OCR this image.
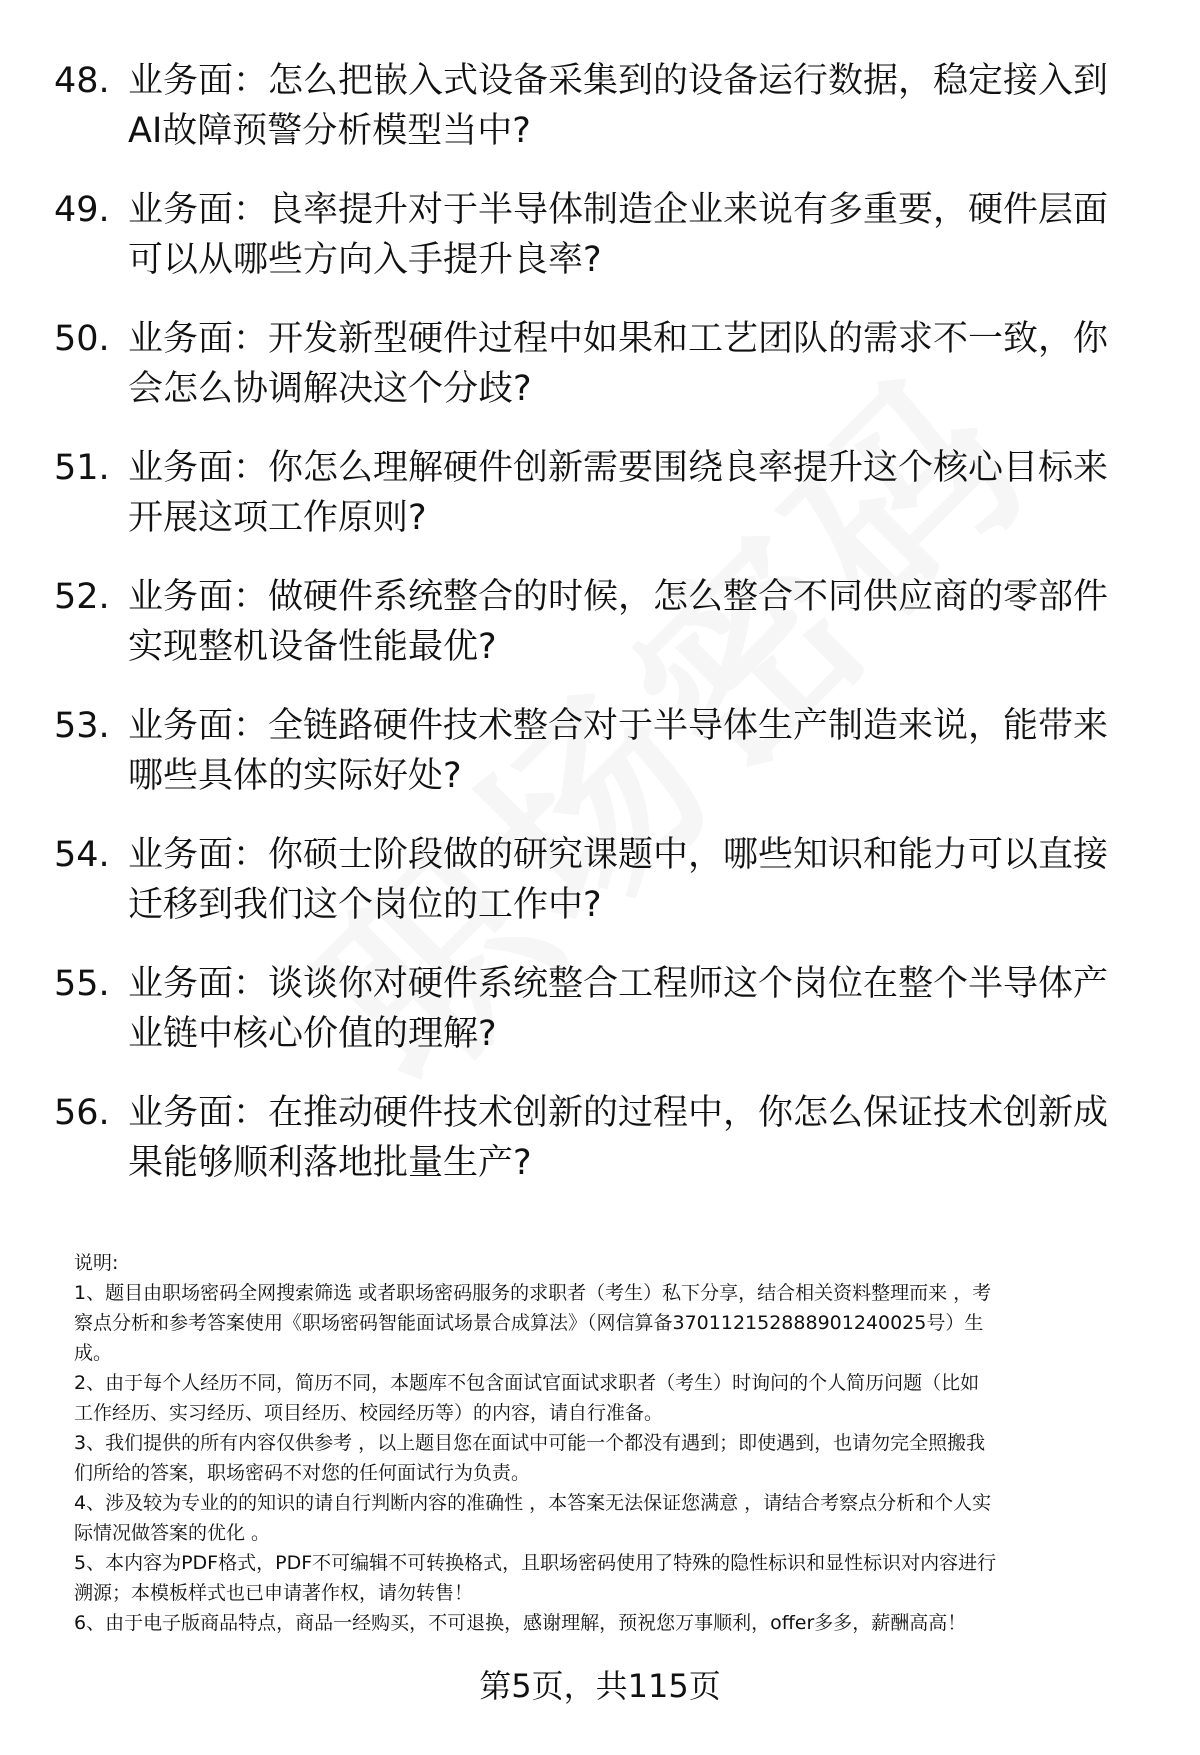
48. 业务面：怎么把嵌入式设备采集到的设备运行数据，稳定接入到
AI故障预警分析模型当中?
49. 业务面：良率提升对于半导体制造企业来说有多重要，硬件层面
可以从哪些方向入手提升良率?
50. 业务面：开发新型硬件过程中如果和工艺团队的需求不一致，你
会怎么协调解决这个分歧?
51. 业务面：你怎么理解硬件创新需要围绕良率提升这个核心目标来
开展这项工作原则?
52. 业务面：做硬件系统整合的时候，怎么整合不同供应商的零部件
实现整机设备性能最优?
53. 业务面：全链路硬件技术整合对于半导体生产制造来说，能带来
哪些具体的实际好处?
54. 业务面：你硕士阶段做的研究课题中，哪些知识和能力可以直接
迁移到我们这个岗位的工作中?
55. 业务面：谈谈你对硬件系统整合工程师这个岗位在整个半导体产
业链中核心价值的理解?
56. 业务面：在推动硬件技术创新的过程中，你怎么保证技术创新成
果能够顺利落地批量生产?
说明:
1、题目由职场密码全网搜索筛选 或者职场密码服务的求职者（考生）私下分享，结合相关资料整理而来 ，考
察点分析和参考答案使用《职场密码智能面试场景合成算法》（网信算备370112152888901240025号）生
成。
2、由于每个人经历不同，简历不同，本题库不包含面试官面试求职者（考生）时询问的个人简历问题（比如
工作经历、实习经历、项目经历、校园经历等）的内容，请自行准备。
3、我们提供的所有内容仅供参考 ，以上题目您在面试中可能一个都没有遇到；即使遇到，也请勿完全照搬我
们所给的答案，职场密码不对您的任何面试行为负责。
4、涉及较为专业的的知识的请自行判断内容的准确性 ，本答案无法保证您满意 ，请结合考察点分析和个人实
际情况做答案的优化 。
5、本内容为PDF格式，PDF不可编辑不可转换格式，且职场密码使用了特殊的隐性标识和显性标识对内容进行
溯源；本模板样式也已申请著作权，请勿转售！
6、由于电子版商品特点，商品一经购买，不可退换，感谢理解，预祝您万事顺利，offer多多，薪酬高高！
第5页，共115页
